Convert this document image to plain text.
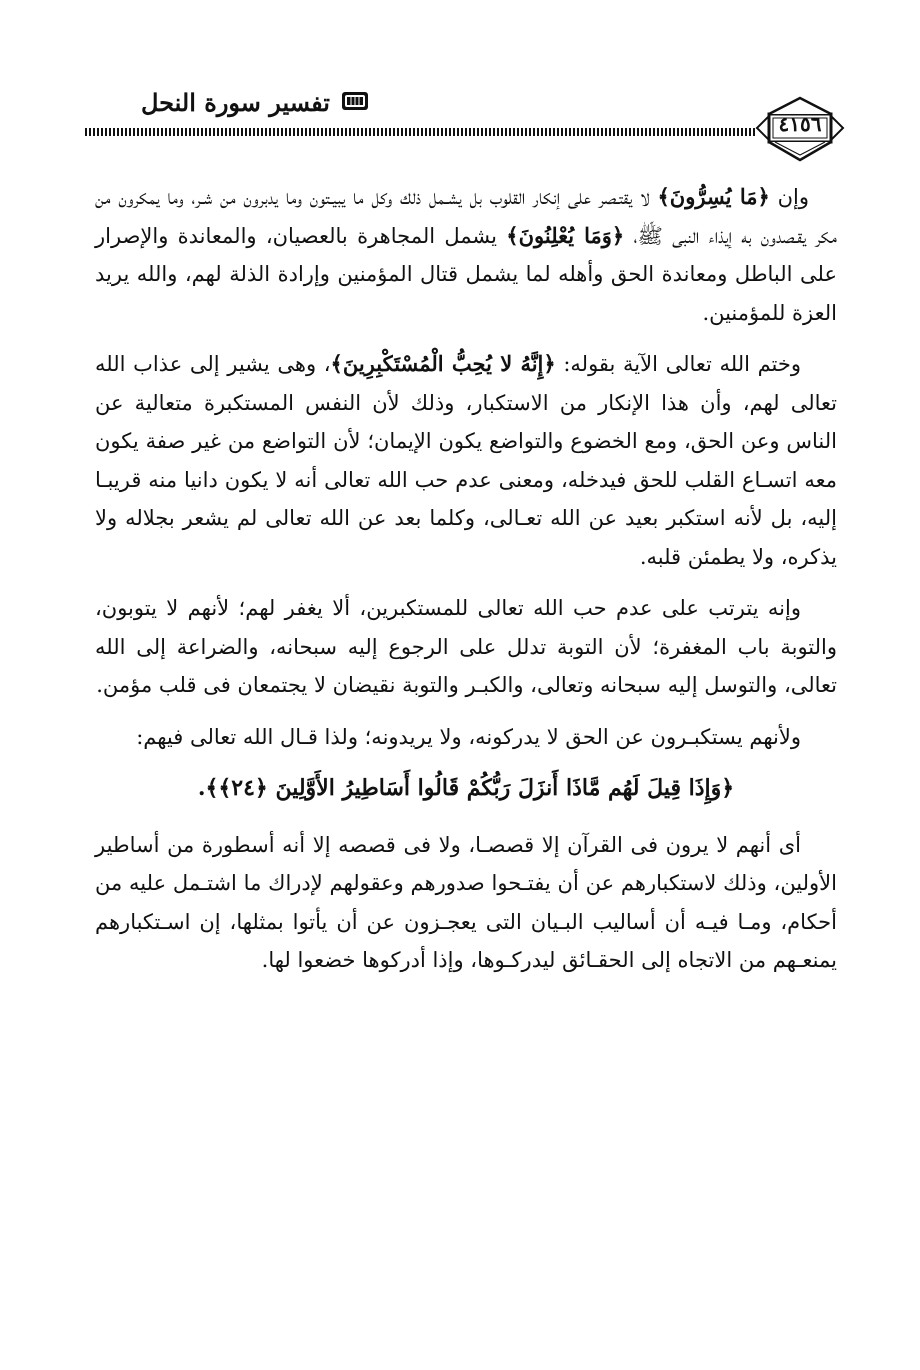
تفسير سورة النحل
٤١٥٦

وإن ﴿مَا يُسِرُّونَ﴾ لا يقتـصر على إنكار القلوب بل يشـمل ذلك وكل ما يبيـتون وما يدبرون من شـر، وما يمكرون من مكر يقـصدون به إيذاء النبى ﷺ، ﴿وَمَا يُعْلِنُونَ﴾ يشمل المجاهرة بالعصيان، والمعاندة والإصرار على الباطل ومعاندة الحق وأهله لما يشمل قتال المؤمنين وإرادة الذلة لهم، والله يريد العزة للمؤمنين.

وختم الله تعالى الآية بقوله: ﴿إِنَّهُ لا يُحِبُّ الْمُسْتَكْبِرِينَ﴾، وهى يشير إلى عذاب الله تعالى لهم، وأن هذا الإنكار من الاستكبار، وذلك لأن النفس المستكبرة متعالية عن الناس وعن الحق، ومع الخضوع والتواضع يكون الإيمان؛ لأن التواضع من غير صفة يكون معه اتسـاع القلب للحق فيدخله، ومعنى عدم حب الله تعالى أنه لا يكون دانيا منه قريبـا إليه، بل لأنه استكبر بعيد عن الله تعـالى، وكلما بعد عن الله تعالى لم يشعر بجلاله ولا يذكره، ولا يطمئن قلبه.

وإنه يترتب على عدم حب الله تعالى للمستكبرين، ألا يغفر لهم؛ لأنهم لا يتوبون، والتوبة باب المغفرة؛ لأن التوبة تدلل على الرجوع إليه سبحانه، والضراعة إلى الله تعالى، والتوسل إليه سبحانه وتعالى، والكبـر والتوبة نقيضان لا يجتمعان فى قلب مؤمن.

ولأنهم يستكبـرون عن الحق لا يدركونه، ولا يريدونه؛ ولذا قـال الله تعالى فيهم:

﴿وَإِذَا قِيلَ لَهُم مَّاذَا أَنزَلَ رَبُّكُمْ قَالُوا أَسَاطِيرُ الأَوَّلِينَ ﴿٢٤﴾﴾.

أى أنهم لا يرون فى القرآن إلا قصصـا، ولا فى قصصه إلا أنه أسطورة من أساطير الأولين، وذلك لاستكبارهم عن أن يفتـحوا صدورهم وعقولهم لإدراك ما اشتـمل عليه من أحكام، ومـا فيـه أن أساليب البـيان التى يعجـزون عن أن يأتوا بمثلها، إن اسـتكبارهم يمنعـهم من الاتجاه إلى الحقـائق ليدركـوها، وإذا أدركوها خضعوا لها.
